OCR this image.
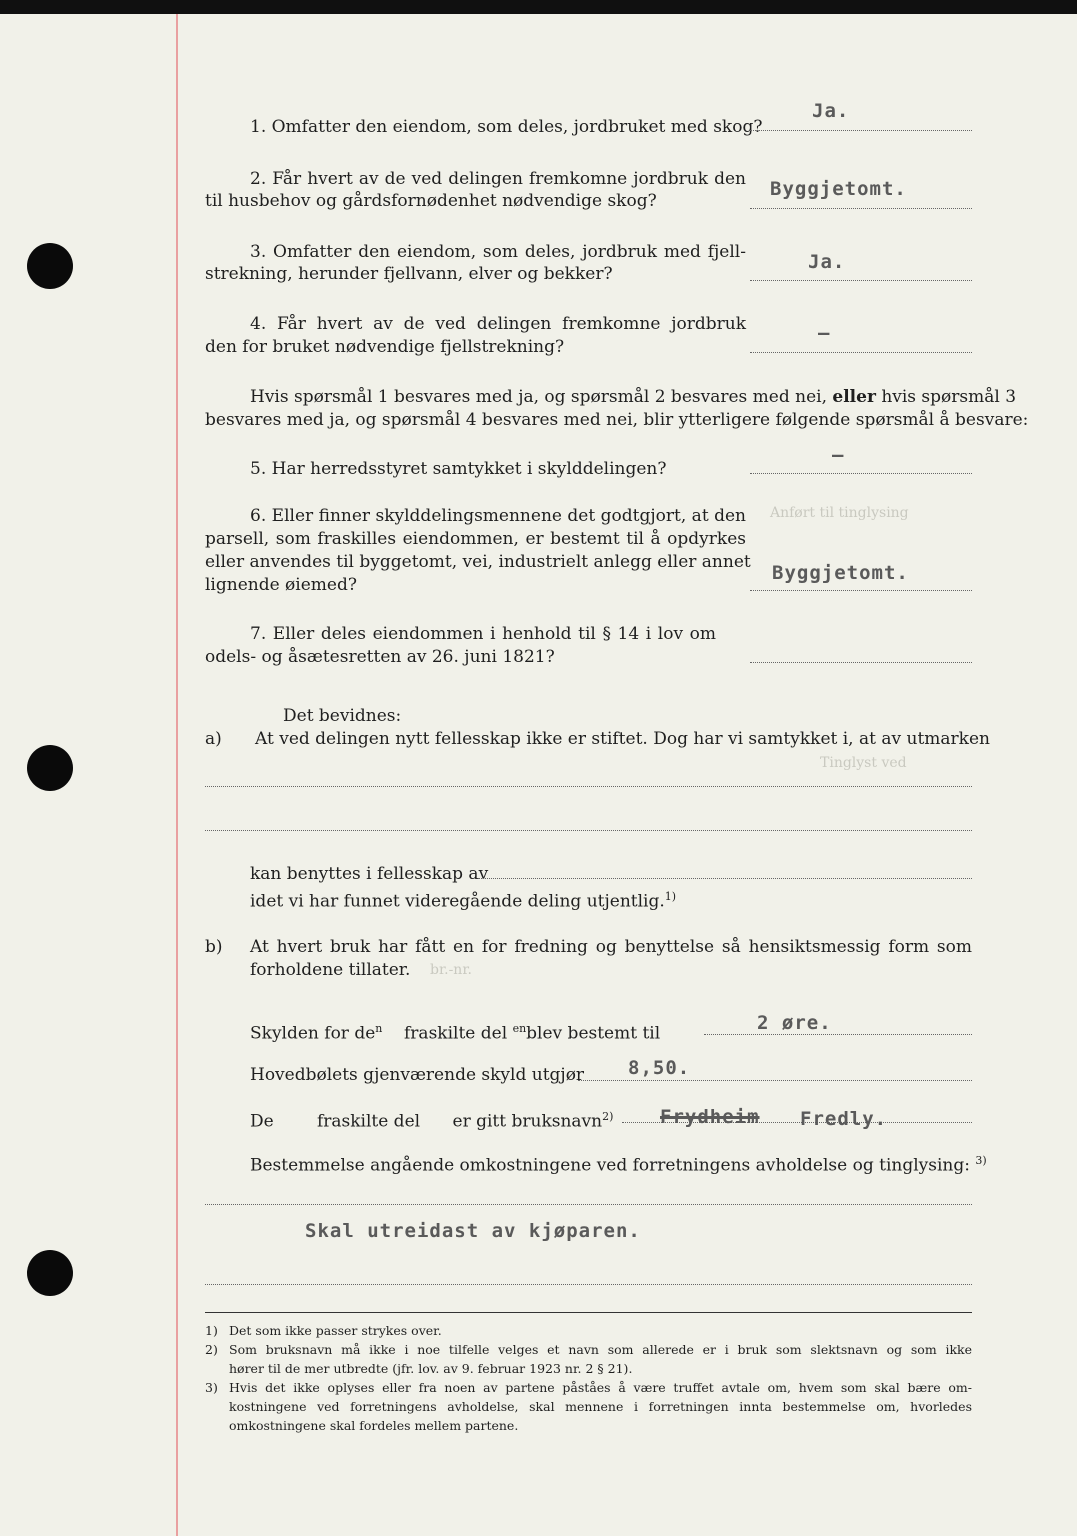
Anført til tinglysing
Tinglyst ved
br.-nr.
1. Omfatter den eiendom, som deles, jordbruket med skog?
Ja.
2. Får hvert av de ved delingen fremkomne jordbruk den
til husbehov og gårdsfornødenhet nødvendige skog?
Byggjetomt.
3. Omfatter den eiendom, som deles, jordbruk med fjell-
strekning, herunder fjellvann, elver og bekker?
Ja.
4. Får hvert av de ved delingen fremkomne jordbruk
den for bruket nødvendige fjellstrekning?
–
Hvis spørsmål 1 besvares med ja, og spørsmål 2 besvares med nei, eller hvis spørsmål 3
besvares med ja, og spørsmål 4 besvares med nei, blir ytterligere følgende spørsmål å besvare:
5. Har herredsstyret samtykket i skylddelingen?
–
6. Eller finner skylddelingsmennene det godtgjort, at den
parsell, som fraskilles eiendommen, er bestemt til å opdyrkes
eller anvendes til byggetomt, vei, industrielt anlegg eller annet
lignende øiemed?
Byggjetomt.
7. Eller deles eiendommen i henhold til § 14 i lov om
odels- og åsætesretten av 26. juni 1821?
Det bevidnes:
a) At ved delingen nytt fellesskap ikke er stiftet. Dog har vi samtykket i, at av utmarken
kan benyttes i fellesskap av
idet vi har funnet videregående deling utjentlig.$^{1)}$
b) At hvert bruk har fått en for fredning og benyttelse så hensiktsmessig form som
forholdene tillater.
Skylden for $de^n$ fraskilte del $^{en}$blev bestemt til	2 øre.
Hovedbølets gjenværende skyld utgjør 8,50.
De	fraskilte del er gitt bruksnavn$^{2)}$ Frydheim Fredly.
Bestemmelse angående omkostningene ved forretningens avholdelse og tinglysing: $^{3)}$
Skal utreidast av kjøparen.
1) Det som ikke passer strykes over.
2) Som bruksnavn må ikke i noe tilfelle velges et navn som allerede er i bruk som slektsnavn og som ikke
hører til de mer utbredte (jfr. lov. av 9. februar 1923 nr. 2 § 21).
3) Hvis det ikke oplyses eller fra noen av partene påståes å være truffet avtale om, hvem som skal bære om-
kostningene ved forretningens avholdelse, skal mennene i forretningen innta bestemmelse om, hvorledes
omkostningene skal fordeles mellem partene.
